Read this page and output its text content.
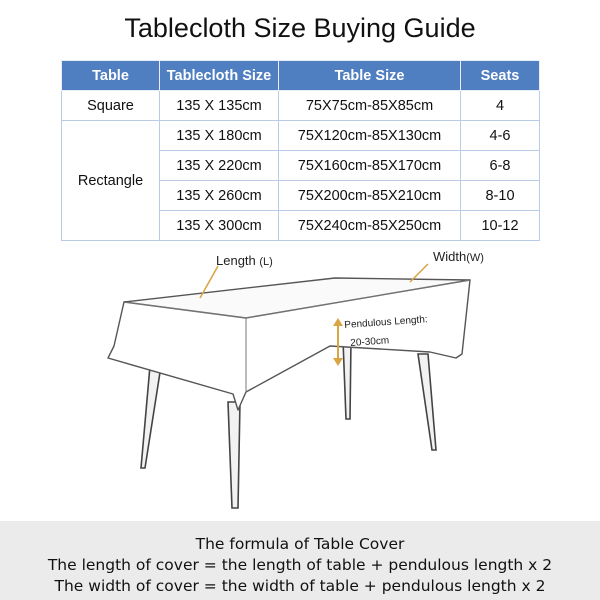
Tablecloth Size Buying Guide
Table	Tablecloth Size	Table Size	Seats
Square	135 X 135cm	75X75cm-85X85cm	4
Rectangle	135 X 180cm	75X120cm-85X130cm	4-6
	135 X 220cm	75X160cm-85X170cm	6-8
	135 X 260cm	75X200cm-85X210cm	8-10
	135 X 300cm	75X240cm-85X250cm	10-12
Length (L)	Width(W)
Pendulous Length:
20-30cm
The formula of Table Cover
The length of cover = the length of table + pendulous length x 2
The width of cover = the width of table + pendulous length x 2
